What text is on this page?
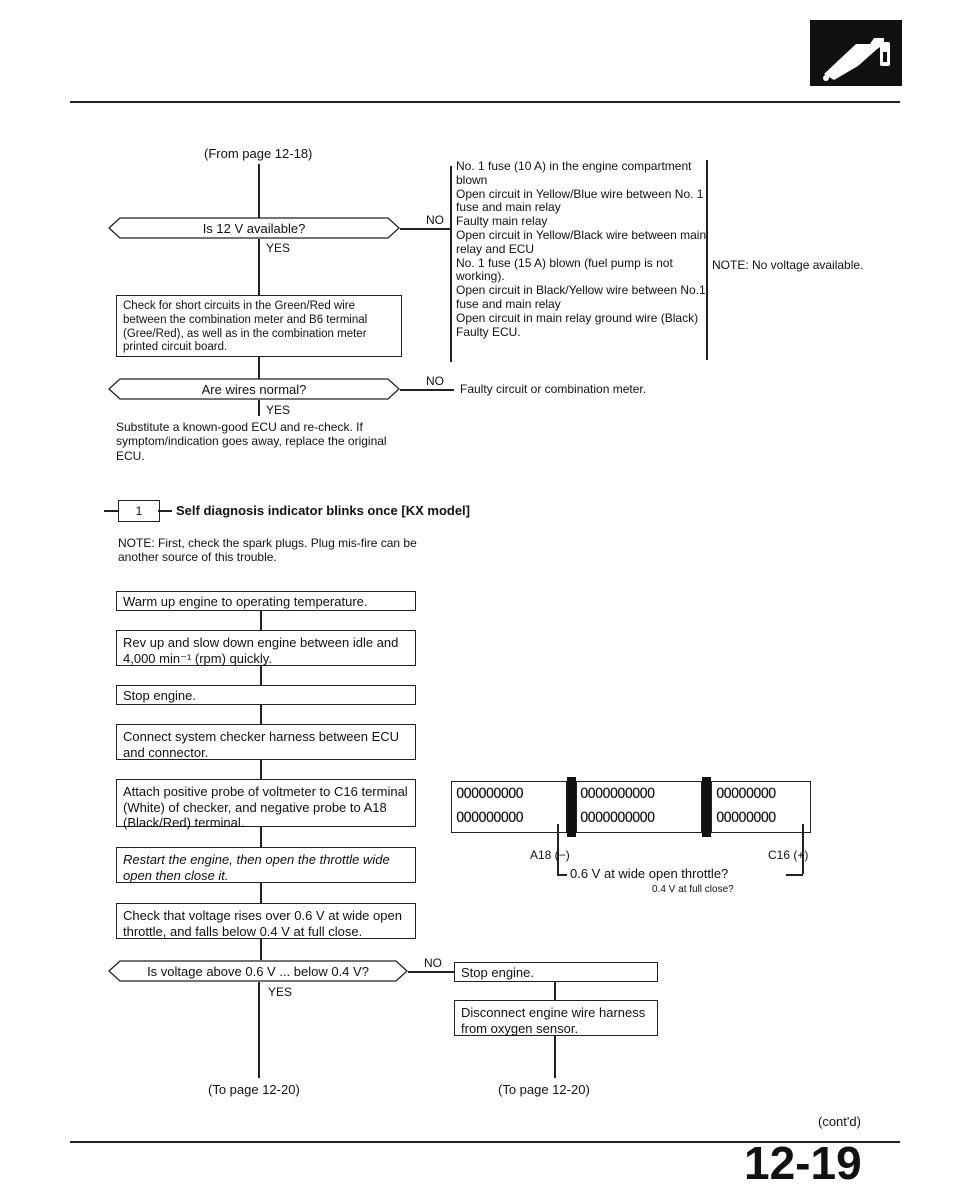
(From page 12-18)
Is 12 V available?
NO
YES
No. 1 fuse (10 A) in the engine compartment blown
Open circuit in Yellow/Blue wire between No. 1 fuse and main relay
Faulty main relay
Open circuit in Yellow/Black wire between main relay and ECU
No. 1 fuse (15 A) blown (fuel pump is not working).
Open circuit in Black/Yellow wire between No.1 fuse and main relay
Open circuit in main relay ground wire (Black)
Faulty ECU.
NOTE: No voltage available.
Check for short circuits in the Green/Red wire between the combination meter and B6 terminal (Gree/Red), as well as in the combination meter printed circuit board.
Are wires normal?
NO
Faulty circuit or combination meter.
YES
Substitute a known-good ECU and re-check. If symptom/indication goes away, replace the original ECU.
1	Self diagnosis indicator blinks once [KX model]
NOTE: First, check the spark plugs. Plug mis-fire can be another source of this trouble.
Warm up engine to operating temperature.
Rev up and slow down engine between idle and 4,000 min⁻¹ (rpm) quickly.
Stop engine.
Connect system checker harness between ECU and connector.
Attach positive probe of voltmeter to C16 terminal (White) of checker, and negative probe to A18 (Black/Red) terminal.
Restart the engine, then open the throttle wide open then close it.
Check that voltage rises over 0.6 V at wide open throttle, and falls below 0.4 V at full close.
OOOOOOOOO	OOOOOOOOOO	OOOOOOOO
OOOOOOOOO	OOOOOOOOOO	OOOOOOOO
A18 (−)	C16 (+)
0.6 V at wide open throttle?
0.4 V at full close?
Is voltage above 0.6 V ... below 0.4 V?
NO
YES
Stop engine.
Disconnect engine wire harness from oxygen sensor.
(To page 12-20)	(To page 12-20)
(cont'd)
12-19
